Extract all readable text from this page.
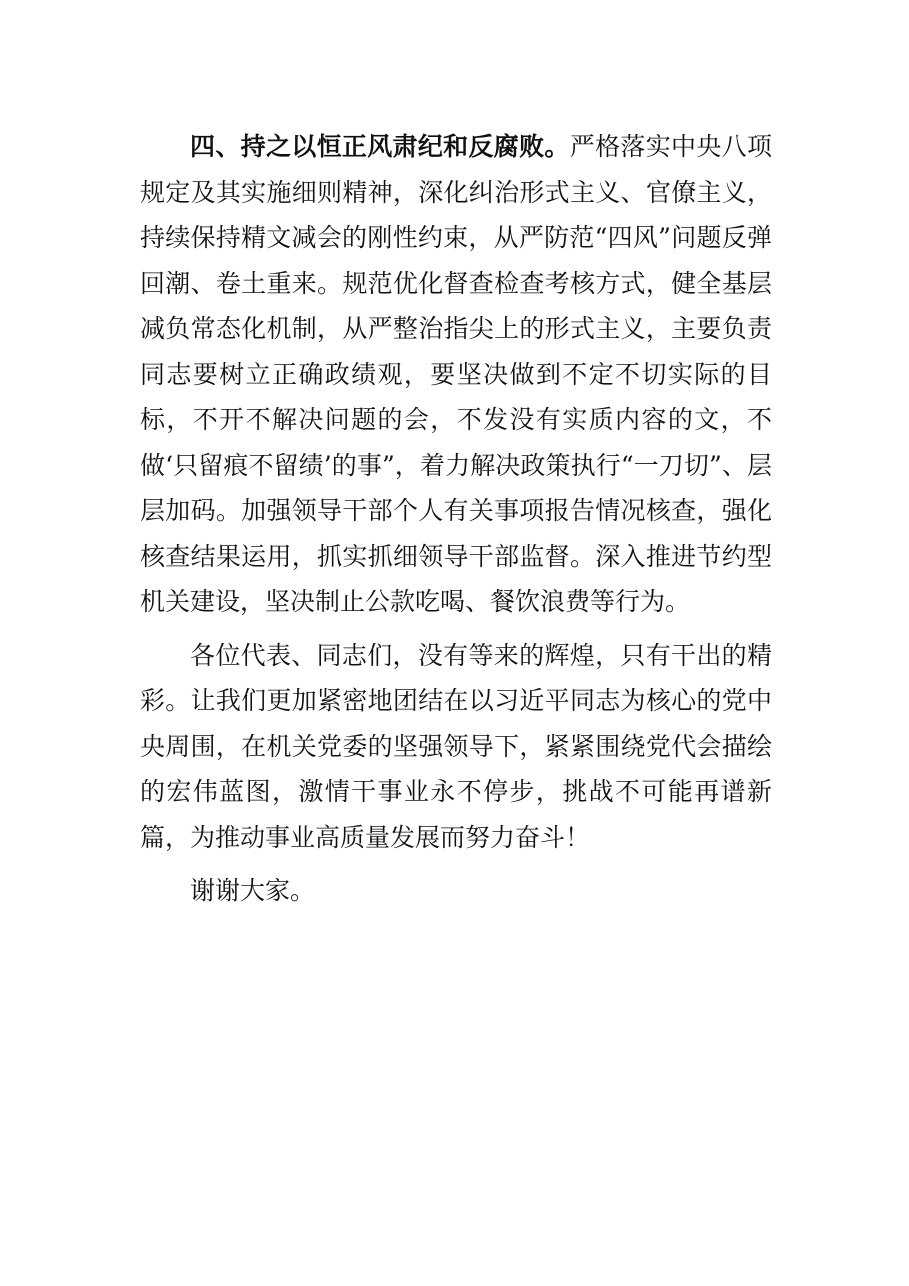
四、持之以恒正风肃纪和反腐败。严格落实中央八项规定及其实施细则精神，深化纠治形式主义、官僚主义，持续保持精文减会的刚性约束，从严防范“四风”问题反弹回潮、卷土重来。规范优化督查检查考核方式，健全基层减负常态化机制，从严整治指尖上的形式主义，主要负责同志要树立正确政绩观，要坚决做到不定不切实际的目标，不开不解决问题的会，不发没有实质内容的文，不做‘只留痕不留绩’的事”，着力解决政策执行“一刀切”、层层加码。加强领导干部个人有关事项报告情况核查，强化核查结果运用，抓实抓细领导干部监督。深入推进节约型机关建设，坚决制止公款吃喝、餐饮浪费等行为。

各位代表、同志们，没有等来的辉煌，只有干出的精彩。让我们更加紧密地团结在以习近平同志为核心的党中央周围，在机关党委的坚强领导下，紧紧围绕党代会描绘的宏伟蓝图，激情干事业永不停步，挑战不可能再谱新篇，为推动事业高质量发展而努力奋斗！

谢谢大家。
